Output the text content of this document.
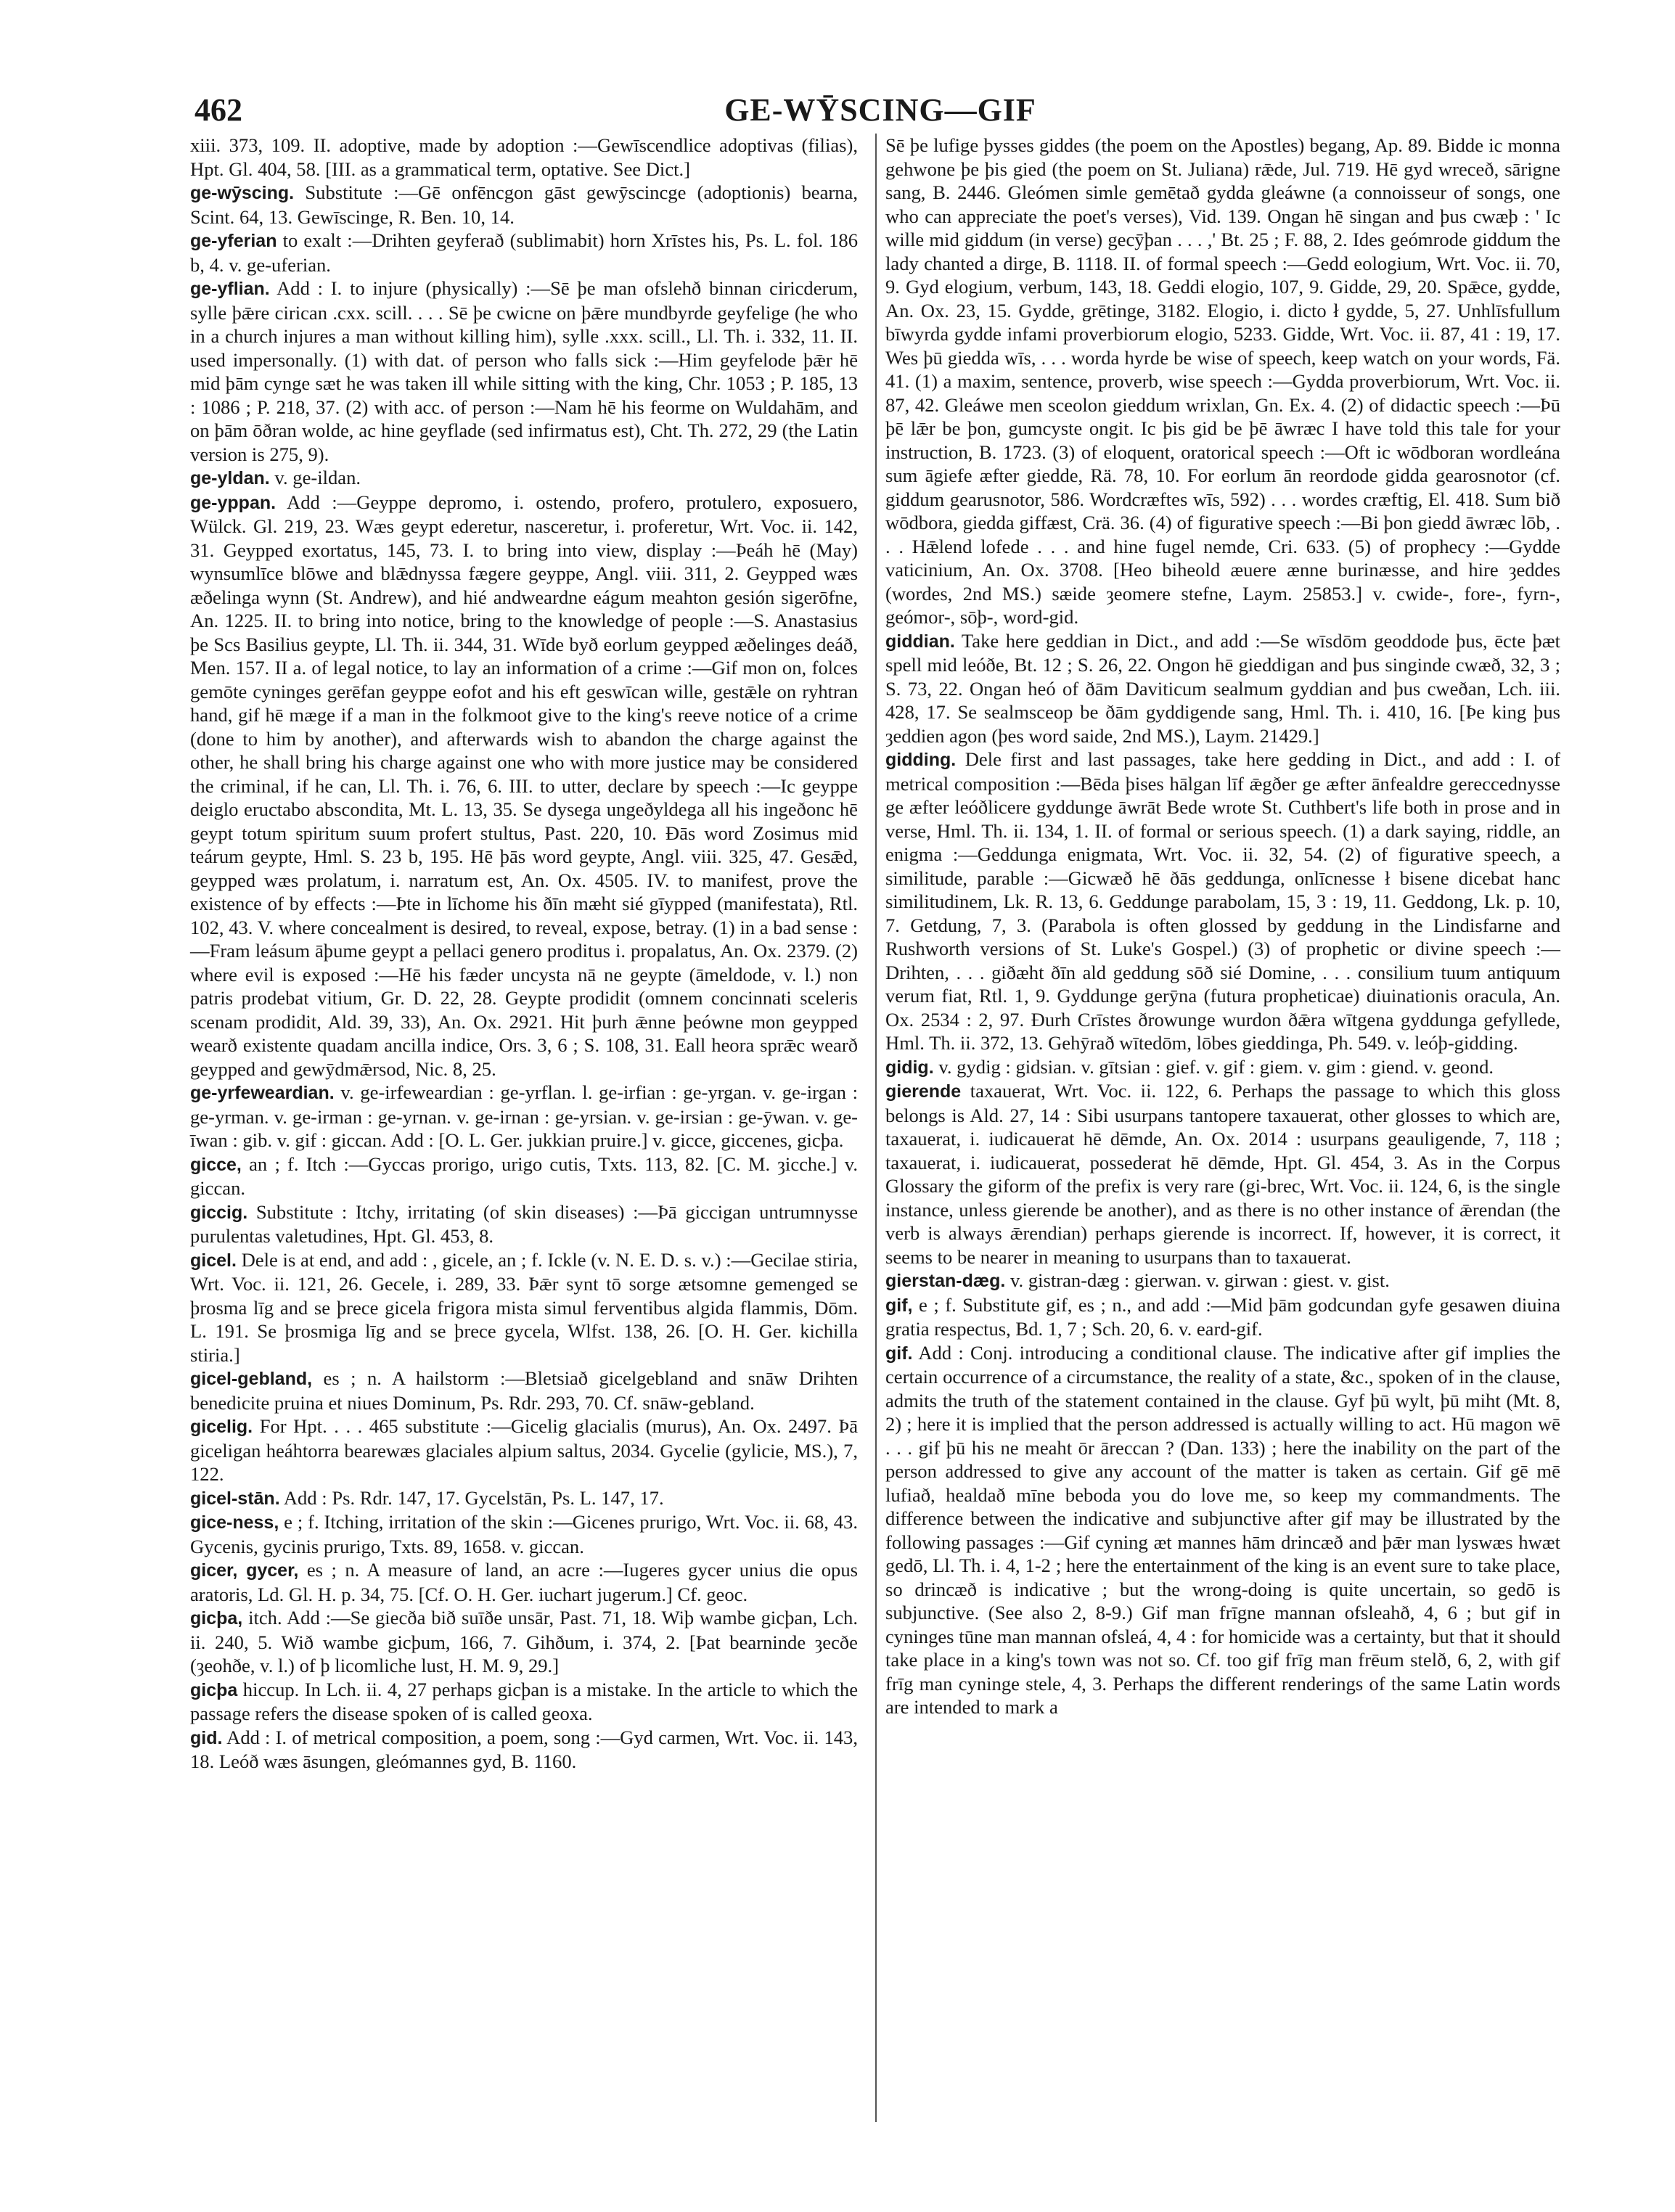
462	GE-WȲSCING—GIF

xiii. 373, 109. II. adoptive, made by adoption :—Gewīscendlice adoptivas (filias), Hpt. Gl. 404, 58. [III. as a grammatical term, optative. See Dict.]

ge-wȳscing. Substitute :—Gē onfēncgon gāst gewȳscincge (adoptionis) bearna, Scint. 64, 13. Gewīscinge, R. Ben. 10, 14.

ge-yferian to exalt :—Drihten geyferað (sublimabit) horn Xrīstes his, Ps. L. fol. 186 b, 4. v. ge-uferian.

ge-yflian. Add : I. to injure (physically) :—Sē þe man ofslehð binnan ciricderum, sylle þǣre cirican .cxx. scill. . . . Sē þe cwicne on þǣre mundbyrde geyfelige (he who in a church injures a man without killing him), sylle .xxx. scill., Ll. Th. i. 332, 11. II. used impersonally. (1) with dat. of person who falls sick :—Him geyfelode þǣr hē mid þām cynge sæt he was taken ill while sitting with the king, Chr. 1053 ; P. 185, 13 : 1086 ; P. 218, 37. (2) with acc. of person :—Nam hē his feorme on Wuldahām, and on þām ōðran wolde, ac hine geyflade (sed infirmatus est), Cht. Th. 272, 29 (the Latin version is 275, 9).

ge-yldan. v. ge-ildan.

ge-yppan. Add :—Geyppe depromo, i. ostendo, profero, protulero, exposuero, Wülck. Gl. 219, 23. Wæs geypt ederetur, nasceretur, i. proferetur, Wrt. Voc. ii. 142, 31. Geypped exortatus, 145, 73. I. to bring into view, display :—Þeáh hē (May) wynsumlīce blōwe and blǣdnyssa fægere geyppe, Angl. viii. 311, 2. Geypped wæs æðelinga wynn (St. Andrew), and hié andweardne eágum meahton gesión sigerōfne, An. 1225. II. to bring into notice, bring to the knowledge of people :—S. Anastasius þe Scs Basilius geypte, Ll. Th. ii. 344, 31. Wīde byð eorlum geypped æðelinges deáð, Men. 157. II a. of legal notice, to lay an information of a crime :—Gif mon on, folces gemōte cyninges gerēfan geyppe eofot and his eft geswīcan wille, gestǣle on ryhtran hand, gif hē mæge if a man in the folkmoot give to the king's reeve notice of a crime (done to him by another), and afterwards wish to abandon the charge against the other, he shall bring his charge against one who with more justice may be considered the criminal, if he can, Ll. Th. i. 76, 6. III. to utter, declare by speech :—Ic geyppe deiglo eructabo abscondita, Mt. L. 13, 35. Se dysega ungeðyldega all his ingeðonc hē geypt totum spiritum suum profert stultus, Past. 220, 10. Ðās word Zosimus mid teárum geypte, Hml. S. 23 b, 195. Hē þās word geypte, Angl. viii. 325, 47. Gesǣd, geypped wæs prolatum, i. narratum est, An. Ox. 4505. IV. to manifest, prove the existence of by effects :—Þte in līchome his ðīn mæht sié gīypped (manifestata), Rtl. 102, 43. V. where concealment is desired, to reveal, expose, betray. (1) in a bad sense :—Fram leásum āþume geypt a pellaci genero proditus i. propalatus, An. Ox. 2379. (2) where evil is exposed :—Hē his fæder uncysta nā ne geypte (āmeldode, v. l.) non patris prodebat vitium, Gr. D. 22, 28. Geypte prodidit (omnem concinnati sceleris scenam prodidit, Ald. 39, 33), An. Ox. 2921. Hit þurh ǣnne þeówne mon geypped wearð existente quadam ancilla indice, Ors. 3, 6 ; S. 108, 31. Eall heora sprǣc wearð geypped and gewȳdmǣrsod, Nic. 8, 25.

ge-yrfeweardian. v. ge-irfeweardian : ge-yrflan. l. ge-irfian : ge-yrgan. v. ge-irgan : ge-yrman. v. ge-irman : ge-yrnan. v. ge-irnan : ge-yrsian. v. ge-irsian : ge-ȳwan. v. ge-īwan : gib. v. gif : giccan. Add : [O. L. Ger. jukkian pruire.] v. gicce, giccenes, gicþa.

gicce, an ; f. Itch :—Gyccas prorigo, urigo cutis, Txts. 113, 82. [C. M. ȝicche.] v. giccan.

giccig. Substitute : Itchy, irritating (of skin diseases) :—Þā giccigan untrumnysse purulentas valetudines, Hpt. Gl. 453, 8.

gicel. Dele is at end, and add : , gicele, an ; f. Ickle (v. N. E. D. s. v.) :—Gecilae stiria, Wrt. Voc. ii. 121, 26. Gecele, i. 289, 33. Þǣr synt tō sorge ætsomne gemenged se þrosma līg and se þrece gicela frigora mista simul ferventibus algida flammis, Dōm. L. 191. Se þrosmiga līg and se þrece gycela, Wlfst. 138, 26. [O. H. Ger. kichilla stiria.]

gicel-gebland, es ; n. A hailstorm :—Bletsiað gicelgebland and snāw Drihten benedicite pruina et niues Dominum, Ps. Rdr. 293, 70. Cf. snāw-gebland.

gicelig. For Hpt. . . . 465 substitute :—Gicelig glacialis (murus), An. Ox. 2497. Þā giceligan heáhtorra bearewæs glaciales alpium saltus, 2034. Gycelie (gylicie, MS.), 7, 122.

gicel-stān. Add : Ps. Rdr. 147, 17. Gycelstān, Ps. L. 147, 17.

gice-ness, e ; f. Itching, irritation of the skin :—Gicenes prurigo, Wrt. Voc. ii. 68, 43. Gycenis, gycinis prurigo, Txts. 89, 1658. v. giccan.

gicer, gycer, es ; n. A measure of land, an acre :—Iugeres gycer unius die opus aratoris, Ld. Gl. H. p. 34, 75. [Cf. O. H. Ger. iuchart jugerum.] Cf. geoc.

gicþa, itch. Add :—Se giecða bið suīðe unsār, Past. 71, 18. Wiþ wambe gicþan, Lch. ii. 240, 5. Wið wambe gicþum, 166, 7. Gihðum, i. 374, 2. [Þat bearninde ȝecðe (ȝeohðe, v. l.) of þ licomliche lust, H. M. 9, 29.]

gicþa hiccup. In Lch. ii. 4, 27 perhaps gicþan is a mistake. In the article to which the passage refers the disease spoken of is called geoxa.

gid. Add : I. of metrical composition, a poem, song :—Gyd carmen, Wrt. Voc. ii. 143, 18. Leóð wæs āsungen, gleómannes gyd, B. 1160.

Sē þe lufige þysses giddes (the poem on the Apostles) begang, Ap. 89. Bidde ic monna gehwone þe þis gied (the poem on St. Juliana) rǣde, Jul. 719. Hē gyd wreceð, sārigne sang, B. 2446. Gleómen simle gemētað gydda gleáwne (a connoisseur of songs, one who can appreciate the poet's verses), Vid. 139. Ongan hē singan and þus cwæþ : ' Ic wille mid giddum (in verse) gecȳþan . . . ,' Bt. 25 ; F. 88, 2. Ides geómrode giddum the lady chanted a dirge, B. 1118. II. of formal speech :—Gedd eologium, Wrt. Voc. ii. 70, 9. Gyd elogium, verbum, 143, 18. Geddi elogio, 107, 9. Gidde, 29, 20. Spǣce, gydde, An. Ox. 23, 15. Gydde, grētinge, 3182. Elogio, i. dicto ł gydde, 5, 27. Unhlīsfullum bīwyrda gydde infami proverbiorum elogio, 5233. Gidde, Wrt. Voc. ii. 87, 41 : 19, 17. Wes þū giedda wīs, . . . worda hyrde be wise of speech, keep watch on your words, Fä. 41. (1) a maxim, sentence, proverb, wise speech :—Gydda proverbiorum, Wrt. Voc. ii. 87, 42. Gleáwe men sceolon gieddum wrixlan, Gn. Ex. 4. (2) of didactic speech :—Þū þē lǣr be þon, gumcyste ongit. Ic þis gid be þē āwræc I have told this tale for your instruction, B. 1723. (3) of eloquent, oratorical speech :—Oft ic wōdboran wordleána sum āgiefe æfter giedde, Rä. 78, 10. For eorlum ān reordode gidda gearosnotor (cf. giddum gearusnotor, 586. Wordcræftes wīs, 592) . . . wordes cræftig, El. 418. Sum bið wōdbora, giedda giffæst, Crä. 36. (4) of figurative speech :—Bi þon giedd āwræc lōb, . . . Hǣlend lofede . . . and hine fugel nemde, Cri. 633. (5) of prophecy :—Gydde vaticinium, An. Ox. 3708. [Heo biheold æuere ænne burinæsse, and hire ȝeddes (wordes, 2nd MS.) sæide ȝeomere stefne, Laym. 25853.] v. cwide-, fore-, fyrn-, geómor-, sōþ-, word-gid.

giddian. Take here geddian in Dict., and add :—Se wīsdōm geoddode þus, ēcte þæt spell mid leóðe, Bt. 12 ; S. 26, 22. Ongon hē gieddigan and þus singinde cwæð, 32, 3 ; S. 73, 22. Ongan heó of ðām Daviticum sealmum gyddian and þus cweðan, Lch. iii. 428, 17. Se sealmsceop be ðām gyddigende sang, Hml. Th. i. 410, 16. [Þe king þus ȝeddien agon (þes word saide, 2nd MS.), Laym. 21429.]

gidding. Dele first and last passages, take here gedding in Dict., and add : I. of metrical composition :—Bēda þises hālgan līf ǣgðer ge æfter ānfealdre gereccednysse ge æfter leóðlicere gyddunge āwrāt Bede wrote St. Cuthbert's life both in prose and in verse, Hml. Th. ii. 134, 1. II. of formal or serious speech. (1) a dark saying, riddle, an enigma :—Geddunga enigmata, Wrt. Voc. ii. 32, 54. (2) of figurative speech, a similitude, parable :—Gicwæð hē ðās geddunga, onlīcnesse ł bisene dicebat hanc similitudinem, Lk. R. 13, 6. Geddunge parabolam, 15, 3 : 19, 11. Geddong, Lk. p. 10, 7. Getdung, 7, 3. (Parabola is often glossed by geddung in the Lindisfarne and Rushworth versions of St. Luke's Gospel.) (3) of prophetic or divine speech :—Drihten, . . . giðæht ðīn ald geddung sōð sié Domine, . . . consilium tuum antiquum verum fiat, Rtl. 1, 9. Gyddunge gerȳna (futura propheticae) diuinationis oracula, An. Ox. 2534 : 2, 97. Ðurh Crīstes ðrowunge wurdon ðǣra wītgena gyddunga gefyllede, Hml. Th. ii. 372, 13. Gehȳrað wītedōm, lōbes gieddinga, Ph. 549. v. leóþ-gidding.

gidig. v. gydig : gidsian. v. gītsian : gief. v. gif : giem. v. gim : giend. v. geond.

gierende taxauerat, Wrt. Voc. ii. 122, 6. Perhaps the passage to which this gloss belongs is Ald. 27, 14 : Sibi usurpans tantopere taxauerat, other glosses to which are, taxauerat, i. iudicauerat hē dēmde, An. Ox. 2014 : usurpans geauligende, 7, 118 ; taxauerat, i. iudicauerat, possederat hē dēmde, Hpt. Gl. 454, 3. As in the Corpus Glossary the giform of the prefix is very rare (gi-brec, Wrt. Voc. ii. 124, 6, is the single instance, unless gierende be another), and as there is no other instance of ǣrendan (the verb is always ǣrendian) perhaps gierende is incorrect. If, however, it is correct, it seems to be nearer in meaning to usurpans than to taxauerat.

gierstan-dæg. v. gistran-dæg : gierwan. v. girwan : giest. v. gist.

gif, e ; f. Substitute gif, es ; n., and add :—Mid þām godcundan gyfe gesawen diuina gratia respectus, Bd. 1, 7 ; Sch. 20, 6. v. eard-gif.

gif. Add : Conj. introducing a conditional clause. The indicative after gif implies the certain occurrence of a circumstance, the reality of a state, &c., spoken of in the clause, admits the truth of the statement contained in the clause. Gyf þū wylt, þū miht (Mt. 8, 2) ; here it is implied that the person addressed is actually willing to act. Hū magon wē . . . gif þū his ne meaht ōr āreccan ? (Dan. 133) ; here the inability on the part of the person addressed to give any account of the matter is taken as certain. Gif gē mē lufiað, healdað mīne beboda you do love me, so keep my commandments. The difference between the indicative and subjunctive after gif may be illustrated by the following passages :—Gif cyning æt mannes hām drincæð and þǣr man lyswæs hwæt gedō, Ll. Th. i. 4, 1-2 ; here the entertainment of the king is an event sure to take place, so drincæð is indicative ; but the wrong-doing is quite uncertain, so gedō is subjunctive. (See also 2, 8-9.) Gif man frīgne mannan ofsleahð, 4, 6 ; but gif in cyninges tūne man mannan ofsleá, 4, 4 : for homicide was a certainty, but that it should take place in a king's town was not so. Cf. too gif frīg man frēum stelð, 6, 2, with gif frīg man cyninge stele, 4, 3. Perhaps the different renderings of the same Latin words are intended to mark a
